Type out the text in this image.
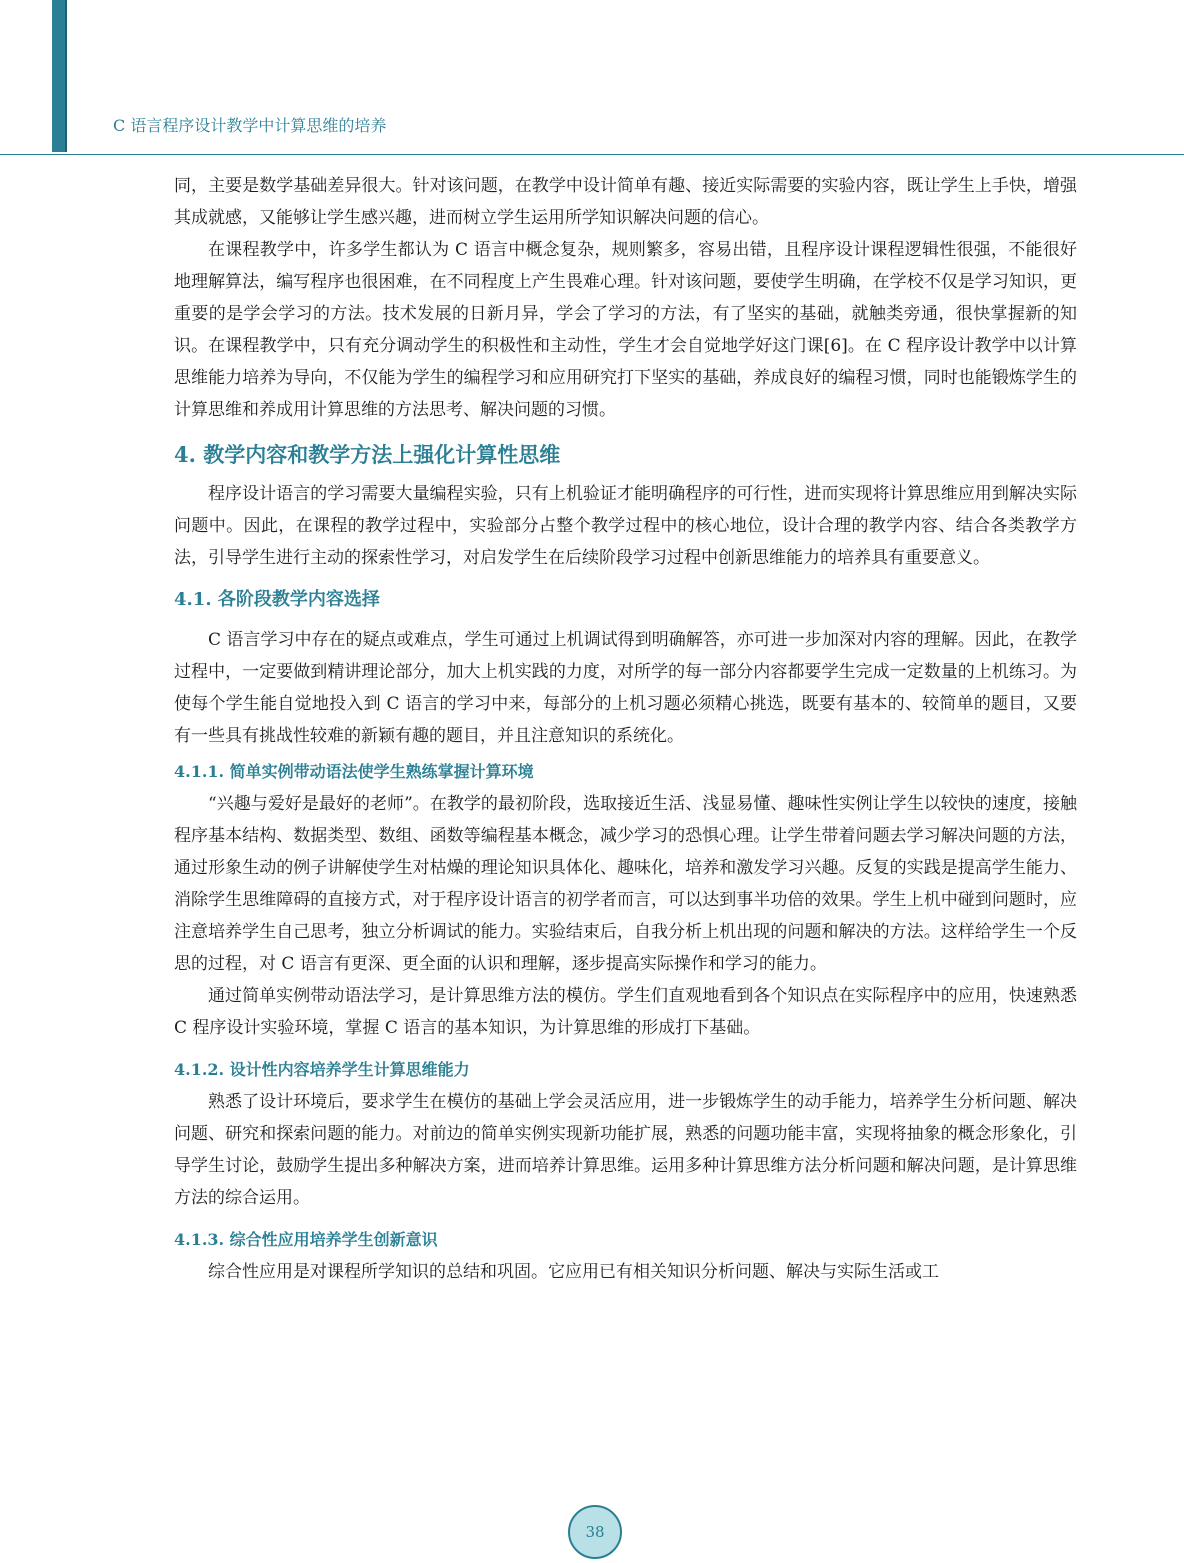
C 语言程序设计教学中计算思维的培养

同，主要是数学基础差异很大。针对该问题，在教学中设计简单有趣、接近实际需要的实验内容，既让学生上手快，增强其成就感，又能够让学生感兴趣，进而树立学生运用所学知识解决问题的信心。

在课程教学中，许多学生都认为 C 语言中概念复杂，规则繁多，容易出错，且程序设计课程逻辑性很强，不能很好地理解算法，编写程序也很困难，在不同程度上产生畏难心理。针对该问题，要使学生明确，在学校不仅是学习知识，更重要的是学会学习的方法。技术发展的日新月异，学会了学习的方法，有了坚实的基础，就触类旁通，很快掌握新的知识。在课程教学中，只有充分调动学生的积极性和主动性，学生才会自觉地学好这门课[6]。在 C 程序设计教学中以计算思维能力培养为导向，不仅能为学生的编程学习和应用研究打下坚实的基础，养成良好的编程习惯，同时也能锻炼学生的计算思维和养成用计算思维的方法思考、解决问题的习惯。

4. 教学内容和教学方法上强化计算性思维

程序设计语言的学习需要大量编程实验，只有上机验证才能明确程序的可行性，进而实现将计算思维应用到解决实际问题中。因此，在课程的教学过程中，实验部分占整个教学过程中的核心地位，设计合理的教学内容、结合各类教学方法，引导学生进行主动的探索性学习，对启发学生在后续阶段学习过程中创新思维能力的培养具有重要意义。

4.1. 各阶段教学内容选择

C 语言学习中存在的疑点或难点，学生可通过上机调试得到明确解答，亦可进一步加深对内容的理解。因此，在教学过程中，一定要做到精讲理论部分，加大上机实践的力度，对所学的每一部分内容都要学生完成一定数量的上机练习。为使每个学生能自觉地投入到 C 语言的学习中来，每部分的上机习题必须精心挑选，既要有基本的、较简单的题目，又要有一些具有挑战性较难的新颖有趣的题目，并且注意知识的系统化。

4.1.1. 简单实例带动语法使学生熟练掌握计算环境

“兴趣与爱好是最好的老师”。在教学的最初阶段，选取接近生活、浅显易懂、趣味性实例让学生以较快的速度，接触程序基本结构、数据类型、数组、函数等编程基本概念，减少学习的恐惧心理。让学生带着问题去学习解决问题的方法，通过形象生动的例子讲解使学生对枯燥的理论知识具体化、趣味化，培养和激发学习兴趣。反复的实践是提高学生能力、消除学生思维障碍的直接方式，对于程序设计语言的初学者而言，可以达到事半功倍的效果。学生上机中碰到问题时，应注意培养学生自己思考，独立分析调试的能力。实验结束后，自我分析上机出现的问题和解决的方法。这样给学生一个反思的过程，对 C 语言有更深、更全面的认识和理解，逐步提高实际操作和学习的能力。

通过简单实例带动语法学习，是计算思维方法的模仿。学生们直观地看到各个知识点在实际程序中的应用，快速熟悉 C 程序设计实验环境，掌握 C 语言的基本知识，为计算思维的形成打下基础。

4.1.2. 设计性内容培养学生计算思维能力

熟悉了设计环境后，要求学生在模仿的基础上学会灵活应用，进一步锻炼学生的动手能力，培养学生分析问题、解决问题、研究和探索问题的能力。对前边的简单实例实现新功能扩展，熟悉的问题功能丰富，实现将抽象的概念形象化，引导学生讨论，鼓励学生提出多种解决方案，进而培养计算思维。运用多种计算思维方法分析问题和解决问题，是计算思维方法的综合运用。

4.1.3. 综合性应用培养学生创新意识

综合性应用是对课程所学知识的总结和巩固。它应用已有相关知识分析问题、解决与实际生活或工

38
